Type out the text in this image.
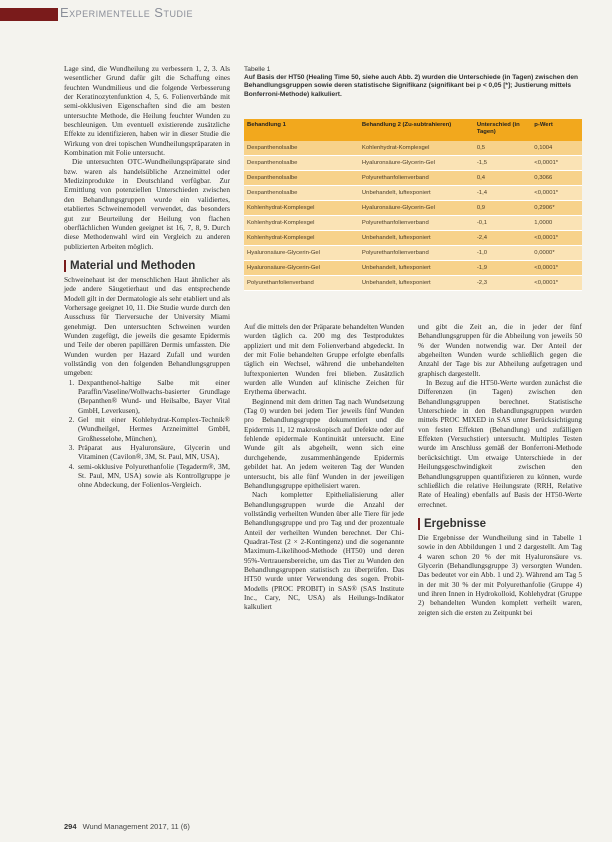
Experimentelle Studie
Tabelle 1
Auf Basis der HT50 (Healing Time 50, siehe auch Abb. 2) wurden die Unterschiede (in Tagen) zwischen den Behandlungsgruppen sowie deren statistische Signifikanz (signifikant bei p < 0,05 [*]; Justierung mittels Bonferroni-Methode) kalkuliert.
Behandlung 1	Behandlung 2 (Zu-subtrahieren)	Unterschied (in Tagen)	p-Wert
Dexpanthenolsalbe	Kohlenhydrat-Komplexgel	0,5	0,1004
Dexpanthenolsalbe	Hyaluronsäure-Glycerin-Gel	-1,5	<0,0001*
Dexpanthenolsalbe	Polyurethanfolienverband	0,4	0,3066
Dexpanthenolsalbe	Unbehandelt, luftexponiert	-1,4	<0,0001*
Kohlenhydrat-Komplexgel	Hyaluronsäure-Glycerin-Gel	0,9	0,2906*
Kohlenhydrat-Komplexgel	Polyurethanfolienverband	-0,1	1,0000
Kohlenhydrat-Komplexgel	Unbehandelt, luftexponiert	-2,4	<0,0001*
Hyaluronsäure-Glycerin-Gel	Polyurethanfolienverband	-1,0	0,0000*
Hyaluronsäure-Glycerin-Gel	Unbehandelt, luftexponiert	-1,9	<0,0001*
Polyurethanfolienverband	Unbehandelt, luftexponiert	-2,3	<0,0001*

Lage sind, die Wundheilung zu verbessern 1, 2, 3. Als wesentlicher Grund dafür gilt die Schaffung eines feuchten Wundmilieus und die folgende Verbesserung der Keratinozytenfunktion 4, 5, 6. Folienverbände mit semi-okklusiven Eigenschaften sind die am besten untersuchte Methode, die Heilung feuchter Wunden zu beschleunigen. Um eventuell existierende zusätzliche Effekte zu identifizieren, haben wir in dieser Studie die Wirkung von drei topischen Wundheilungspräparaten in Kombination mit Folie untersucht.

Die untersuchten OTC-Wundheilungspräparate sind bzw. waren als handelsübliche Arzneimittel oder Medizinprodukte in Deutschland verfügbar. Zur Ermittlung von potenziellen Unterschieden zwischen den Behandlungsgruppen wurde ein validiertes, etabliertes Schweinemodell verwendet, das besonders gut zur Beurteilung der Heilung von flachen oberflächlichen Wunden geeignet ist 16, 7, 8, 9. Durch diese Methodenwahl wird ein Vergleich zu anderen publizierten Arbeiten möglich.

Material und Methoden

Schweinehaut ist der menschlichen Haut ähnlicher als jede andere Säugetierhaut und das entsprechende Modell gilt in der Dermatologie als sehr etabliert und als Vorhersage geeignet 10, 11. Die Studie wurde durch den Ausschuss für Tierversuche der University Miami genehmigt. Den untersuchten Schweinen wurden Wunden zugefügt, die jeweils die gesamte Epidermis und Teile der oberen papillären Dermis umfassten. Die Wunden wurden per Hazard Zufall und wurden vollständig von den folgenden Behandlungsgruppen umgeben:

1. Dexpanthenol-haltige Salbe mit einer Paraffin/Vaseline/Wollwachs-basierter Grundlage (Bepanthen® Wund- und Heilsalbe, Bayer Vital GmbH, Leverkusen),
2. Gel mit einer Kohlehydrat-Komplex-Technik® (Wundheilgel, Hermes Arzneimittel GmbH, Großhesselohe, München),
3. Präparat aus Hyaluronsäure, Glycerin und Vitaminen (Cavilon®, 3M, St. Paul, MN, USA),
4. semi-okklusive Polyurethanfolie (Tegaderm®, 3M, St. Paul, MN, USA) sowie als Kontrollgruppe je ohne Abdeckung, der Folienlos-Vergleich.

Auf die mittels den der Präparate behandelten Wunden wurden täglich ca. 200 mg des Testproduktes appliziert und mit dem Folienverband abgedeckt. In der mit Folie behandelten Gruppe erfolgte ebenfalls täglich ein Wechsel, während die unbehandelten luftexponierten Wunden frei blieben. Zusätzlich wurden alle Wunden auf klinische Zeichen für Erythema überwacht.

Beginnend mit dem dritten Tag nach Wundsetzung (Tag 0) wurden bei jedem Tier jeweils fünf Wunden pro Behandlungsgruppe dokumentiert und die Epidermis 11, 12 makroskopisch auf Defekte oder auf fehlende epidermale Kontinuität untersucht. Eine Wunde gilt als abgeheilt, wenn sich eine durchgehende, zusammenhängende Epidermis gebildet hat. An jedem weiteren Tag der Wunden untersucht, bis alle fünf Wunden in der jeweiligen Behandlungsgruppe epithelisiert waren.

Nach kompletter Epithelialisierung aller Behandlungsgruppen wurde die Anzahl der vollständig verheilten Wunden über alle Tiere für jede Behandlungsgruppe und pro Tag und der prozentuale Anteil der verheilten Wunden berechnet. Der Chi-Quadrat-Test (2 × 2-Kontingenz) und die sogenannte Maximum-Likelihood-Methode (HT50) und deren 95%-Vertrauensbereiche, um das Tier zu Wunden den Behandlungsgruppen statistisch zu überprüfen. Das HT50 wurde unter Verwendung des sogen. Probit-Modells (PROC PROBIT) in SAS® (SAS Institute Inc., Cary, NC, USA) als Heilungs-Indikator kalkuliert

und gibt die Zeit an, die in jeder der fünf Behandlungsgruppen für die Abheilung von jeweils 50 % der Wunden notwendig war. Der Anteil der abgeheilten Wunden wurde schließlich gegen die Anzahl der Tage bis zur Abheilung aufgetragen und graphisch dargestellt.

In Bezug auf die HT50-Werte wurden zunächst die Differenzen (in Tagen) zwischen den Behandlungsgruppen berechnet. Statistische Unterschiede in den Behandlungsgruppen wurden mittels PROC MIXED in SAS unter Berücksichtigung von festen Effekten (Behandlung) und zufälligen Effekten (Versuchstier) untersucht. Multiples Testen wurde im Anschluss gemäß der Bonferroni-Methode berücksichtigt. Um etwaige Unterschiede in der Heilungsgeschwindigkeit zwischen den Behandlungsgruppen quantifizieren zu können, wurde schließlich die relative Heilungsrate (RRH, Relative Rate of Healing) ebenfalls auf Basis der HT50-Werte errechnet.

Ergebnisse

Die Ergebnisse der Wundheilung sind in Tabelle 1 sowie in den Abbildungen 1 und 2 dargestellt. Am Tag 4 waren schon 20 % der mit Hyaluronsäure vs. Glycerin (Behandlungsgruppe 3) versorgten Wunden. Das bedeutet vor ein Abb. 1 und 2). Während am Tag 5 in der mit 30 % der mit Polyurethanfolie (Gruppe 4) und ihren Innen in Hydrokolloid, Kohlehydrat (Gruppe 2) behandelten Wunden komplett verheilt waren, zeigten sich die ersten zu Zeitpunkt bei

294 Wund Management 2017, 11 (6)
